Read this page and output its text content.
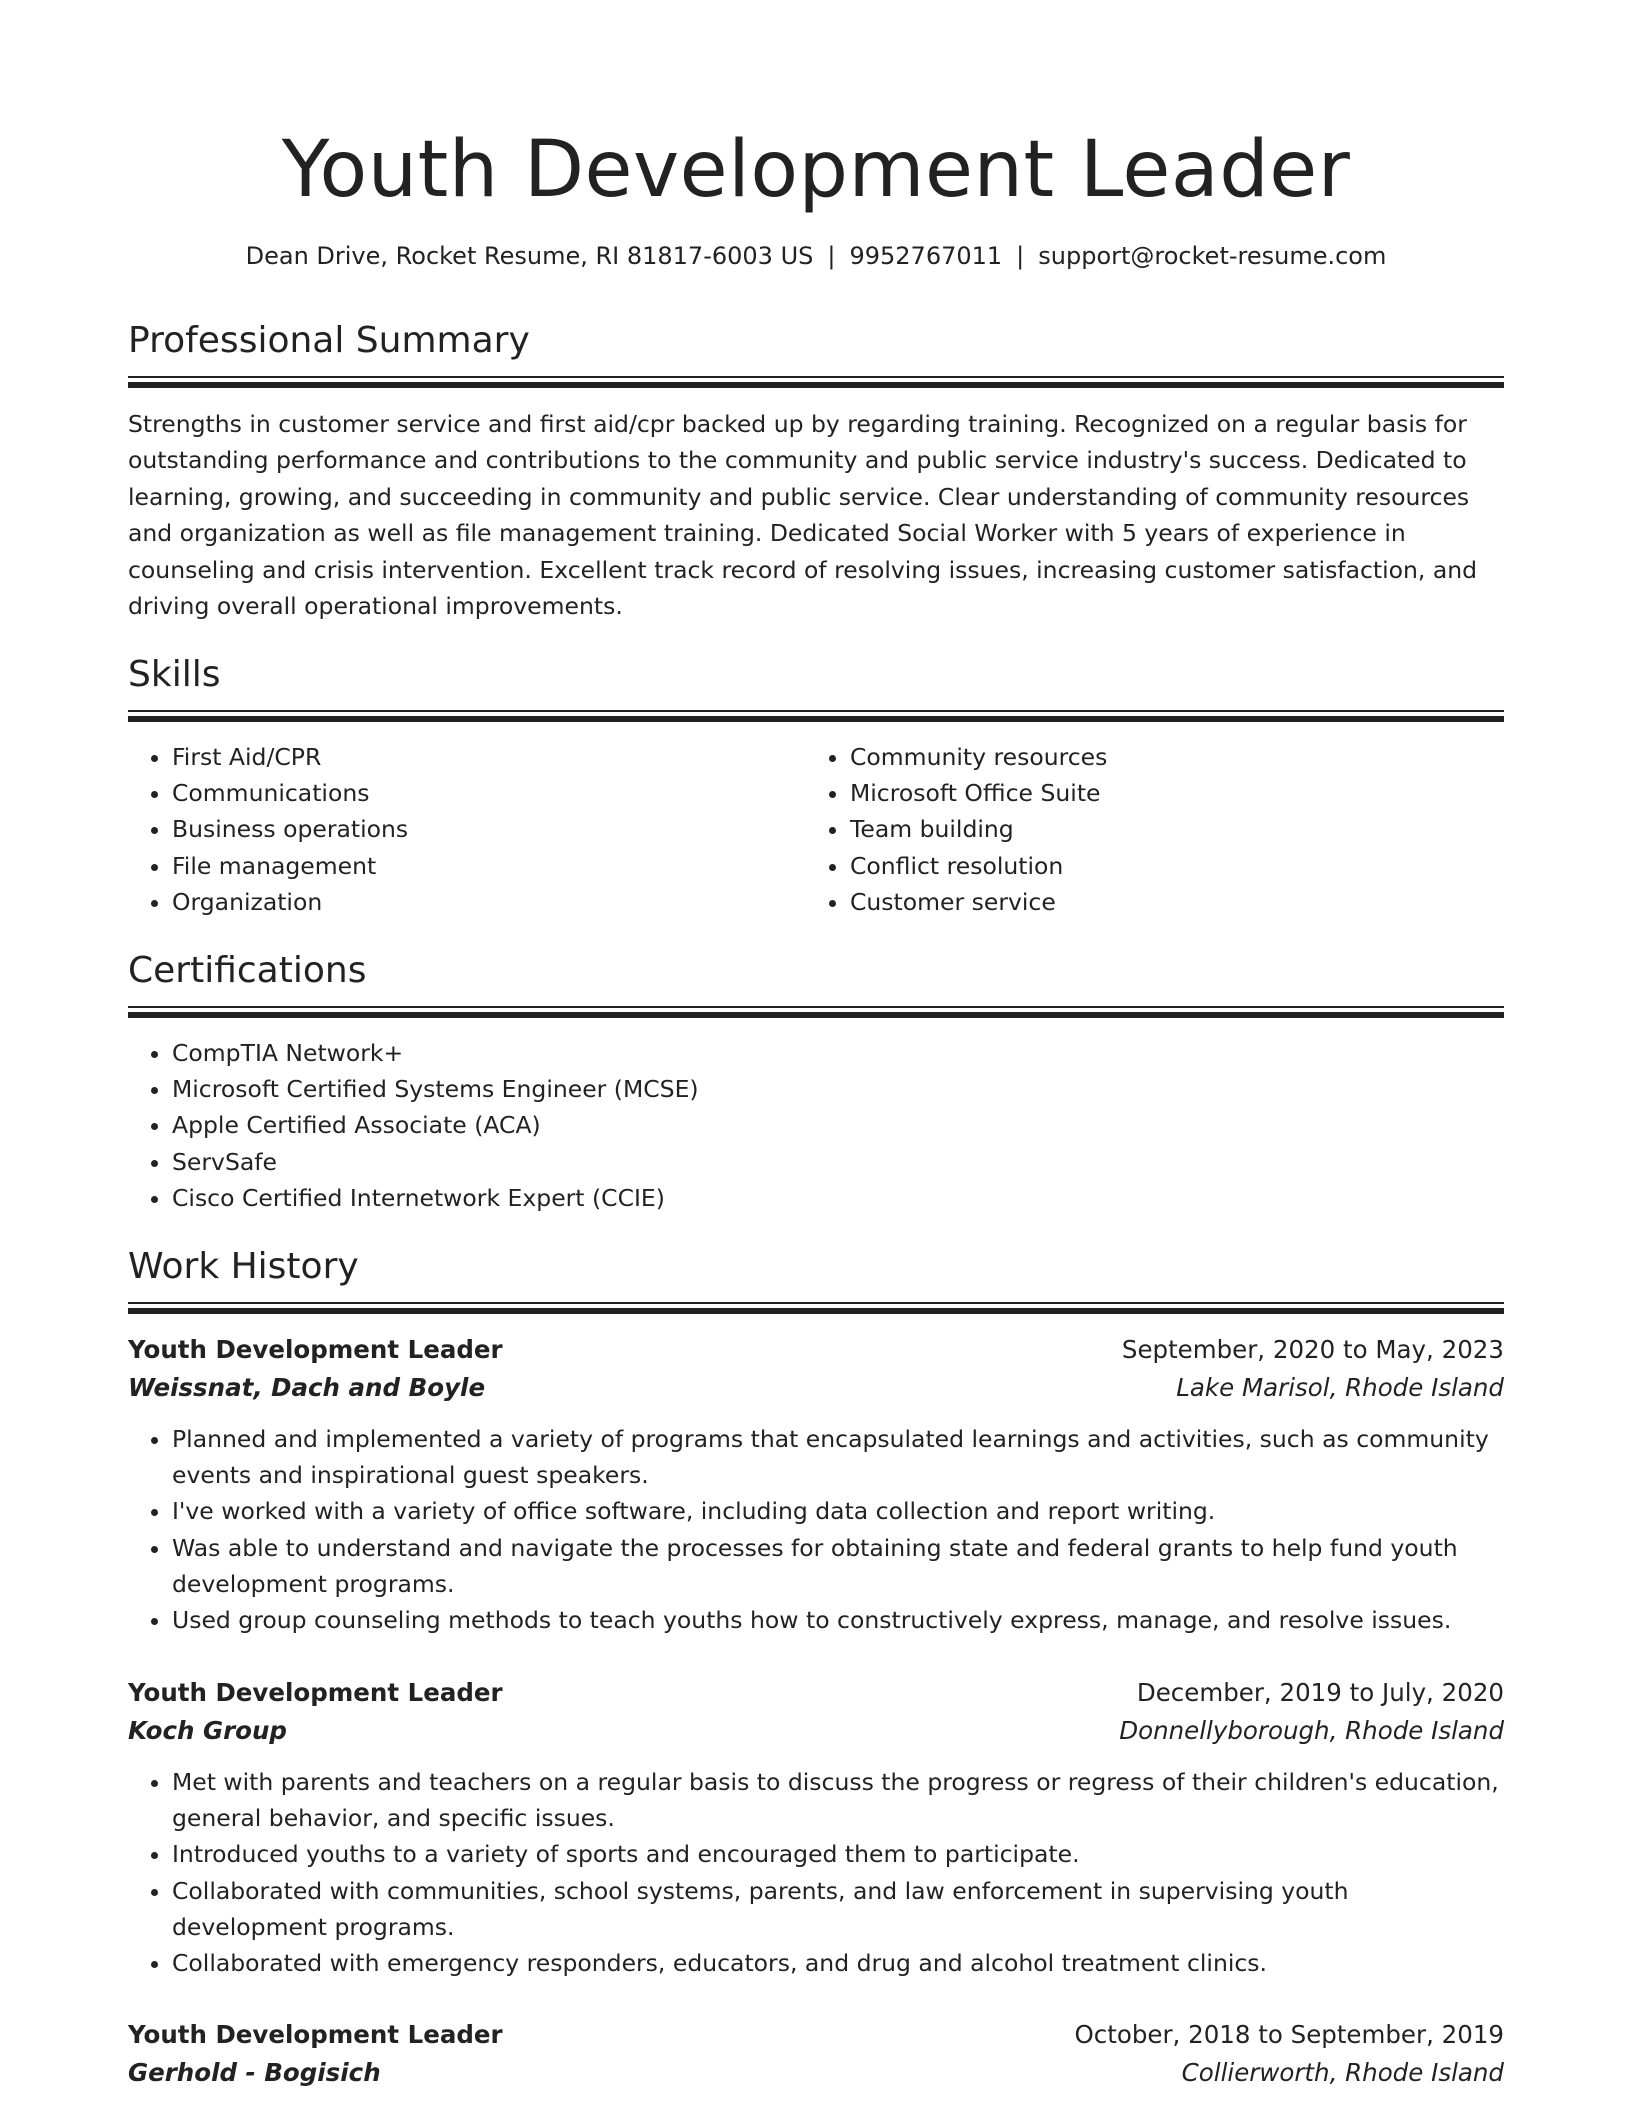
Youth Development Leader
Dean Drive, Rocket Resume, RI 81817-6003 US | 9952767011 | support@rocket-resume.com
Professional Summary

Strengths in customer service and first aid/cpr backed up by regarding training. Recognized on a regular basis for outstanding performance and contributions to the community and public service industry's success. Dedicated to learning, growing, and succeeding in community and public service. Clear understanding of community resources and organization as well as file management training. Dedicated Social Worker with 5 years of experience in counseling and crisis intervention. Excellent track record of resolving issues, increasing customer satisfaction, and driving overall operational improvements.

Skills
• First Aid/CPR
• Communications
• Business operations
• File management
• Organization
• Community resources
• Microsoft Office Suite
• Team building
• Conflict resolution
• Customer service
Certifications
• CompTIA Network+
• Microsoft Certified Systems Engineer (MCSE)
• Apple Certified Associate (ACA)
• ServSafe
• Cisco Certified Internetwork Expert (CCIE)
Work History
Youth Development Leader	September, 2020 to May, 2023
Weissnat, Dach and Boyle	Lake Marisol, Rhode Island
• Planned and implemented a variety of programs that encapsulated learnings and activities, such as community events and inspirational guest speakers.
• I've worked with a variety of office software, including data collection and report writing.
• Was able to understand and navigate the processes for obtaining state and federal grants to help fund youth development programs.
• Used group counseling methods to teach youths how to constructively express, manage, and resolve issues.
Youth Development Leader	December, 2019 to July, 2020
Koch Group	Donnellyborough, Rhode Island
• Met with parents and teachers on a regular basis to discuss the progress or regress of their children's education, general behavior, and specific issues.
• Introduced youths to a variety of sports and encouraged them to participate.
• Collaborated with communities, school systems, parents, and law enforcement in supervising youth development programs.
• Collaborated with emergency responders, educators, and drug and alcohol treatment clinics.
Youth Development Leader	October, 2018 to September, 2019
Gerhold - Bogisich	Collierworth, Rhode Island
